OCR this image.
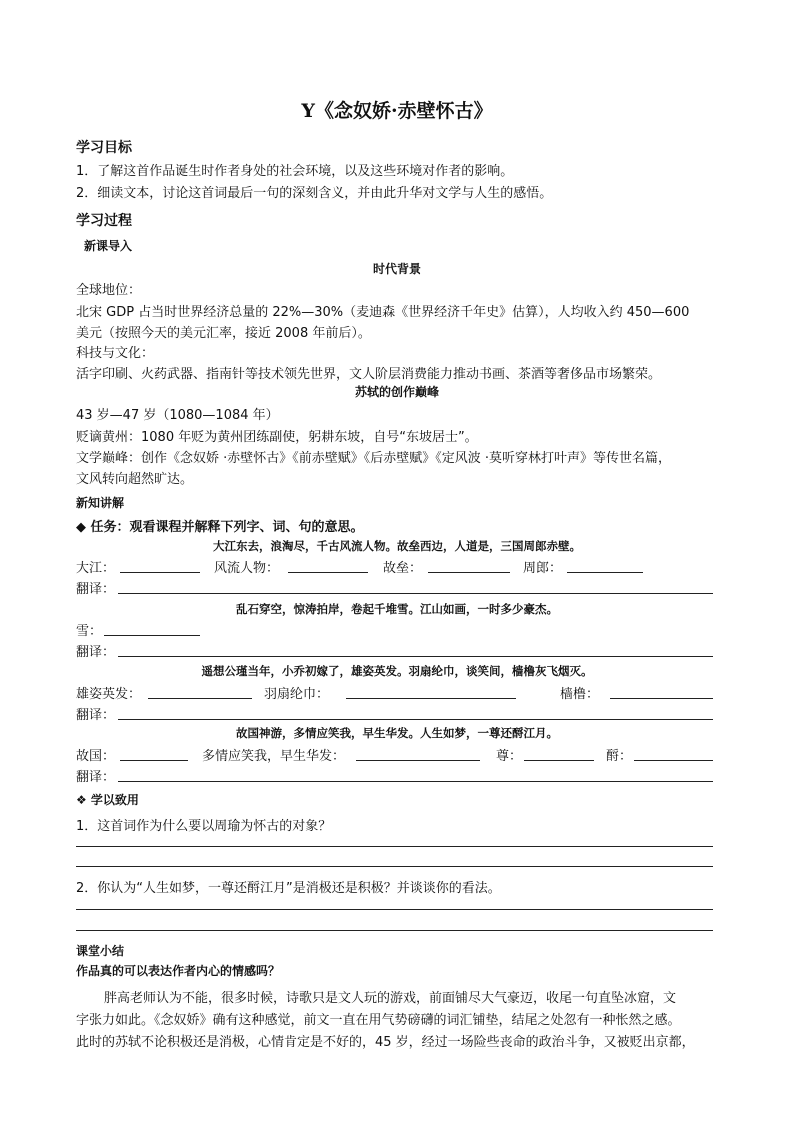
Y《念奴娇·赤壁怀古》
学习目标
1．了解这首作品诞生时作者身处的社会环境，以及这些环境对作者的影响。
2．细读文本，讨论这首词最后一句的深刻含义，并由此升华对文学与人生的感悟。
学习过程
新课导入
时代背景
全球地位：
北宋 GDP 占当时世界经济总量的 22%—30%（麦迪森《世界经济千年史》估算），人均收入约 450—600
美元（按照今天的美元汇率，接近 2008 年前后）。
科技与文化：
活字印刷、火药武器、指南针等技术领先世界，文人阶层消费能力推动书画、茶酒等奢侈品市场繁荣。
苏轼的创作巅峰
43 岁—47 岁（1080—1084 年）
贬谪黄州：1080 年贬为黄州团练副使，躬耕东坡，自号“东坡居士”。
文学巅峰：创作《念奴娇 ·赤壁怀古》《前赤壁赋》《后赤壁赋》《定风波 ·莫听穿林打叶声》等传世名篇，
文风转向超然旷达。
新知讲解
◆ 任务：观看课程并解释下列字、词、句的意思。
大江东去，浪淘尽，千古风流人物。故垒西边，人道是，三国周郎赤壁。
大江：	风流人物：	故垒：	周郎：
翻译：
乱石穿空，惊涛拍岸，卷起千堆雪。江山如画，一时多少豪杰。
雪：
翻译：
遥想公瑾当年，小乔初嫁了，雄姿英发。羽扇纶巾，谈笑间，樯橹灰飞烟灭。
雄姿英发：	羽扇纶巾：	樯橹：
翻译：
故国神游，多情应笑我，早生华发。人生如梦，一尊还酹江月。
故国：	多情应笑我，早生华发：	尊：	酹：
翻译：
❖ 学以致用
1．这首词作为什么要以周瑜为怀古的对象？
2．你认为“人生如梦，一尊还酹江月”是消极还是积极？并谈谈你的看法。
课堂小结
作品真的可以表达作者内心的情感吗？
胖高老师认为不能，很多时候，诗歌只是文人玩的游戏，前面铺尽大气豪迈，收尾一句直坠冰窟，文
字张力如此。《念奴娇》确有这种感觉，前文一直在用气势磅礴的词汇铺垫，结尾之处忽有一种怅然之感。
此时的苏轼不论积极还是消极，心情肯定是不好的，45 岁，经过一场险些丧命的政治斗争，又被贬出京都，
